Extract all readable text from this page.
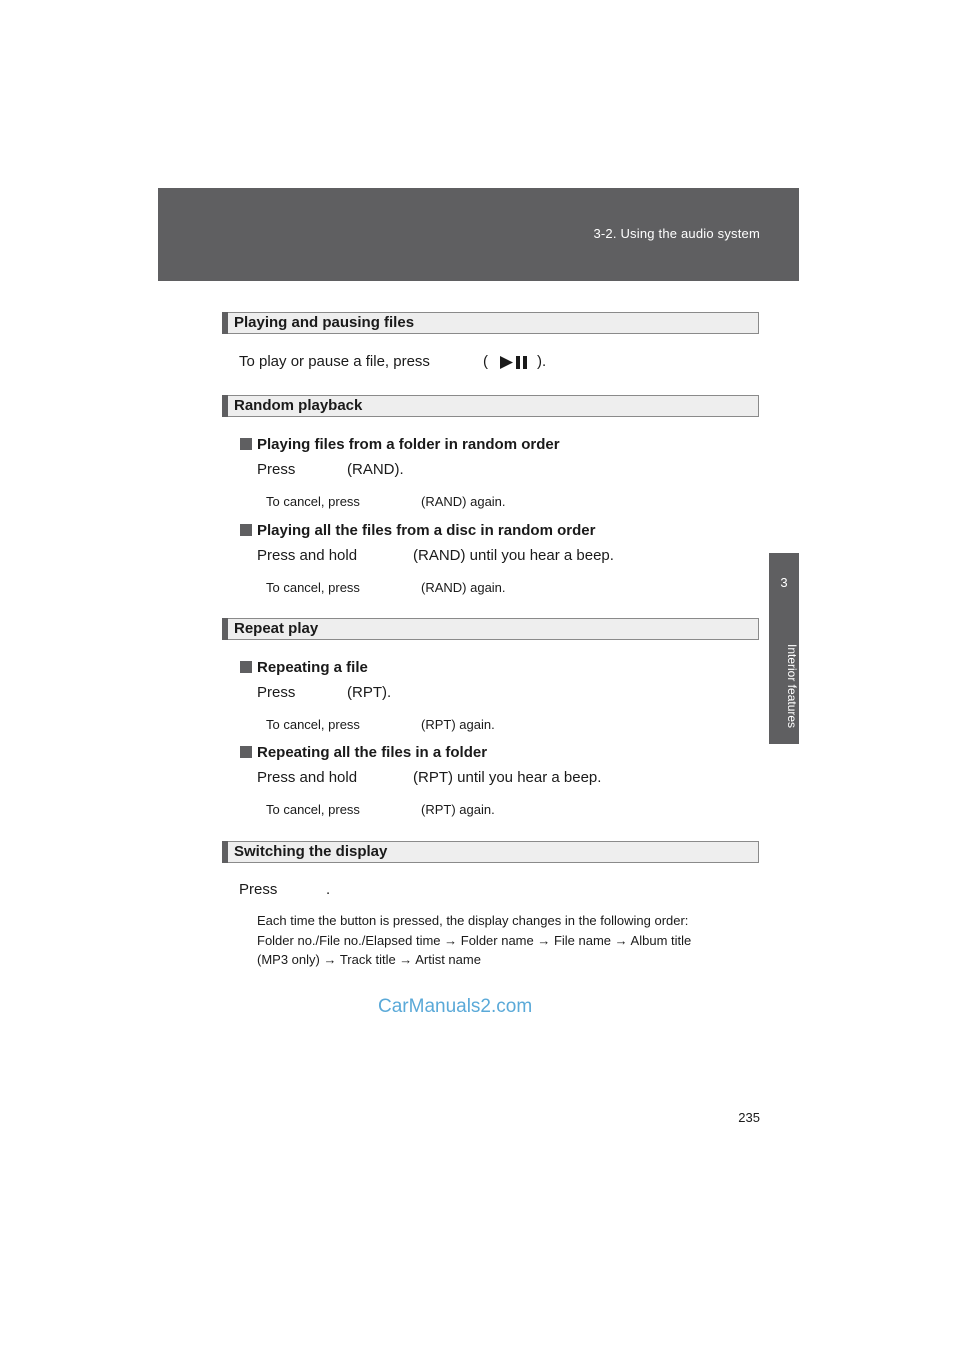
3-2. Using the audio system
3
Interior features
Playing and pausing files
To play or pause a file, press	(	).
Random playback
Playing files from a folder in random order
Press	(RAND).
To cancel, press	(RAND) again.
Playing all the files from a disc in random order
Press and hold	(RAND) until you hear a beep.
To cancel, press	(RAND) again.
Repeat play
Repeating a file
Press	(RPT).
To cancel, press	(RPT) again.
Repeating all the files in a folder
Press and hold	(RPT) until you hear a beep.
To cancel, press	(RPT) again.
Switching the display
Press	.
Each time the button is pressed, the display changes in the following order:
Folder no./File no./Elapsed time → Folder name → File name → Album title
(MP3 only) → Track title → Artist name
CarManuals2.com
235
